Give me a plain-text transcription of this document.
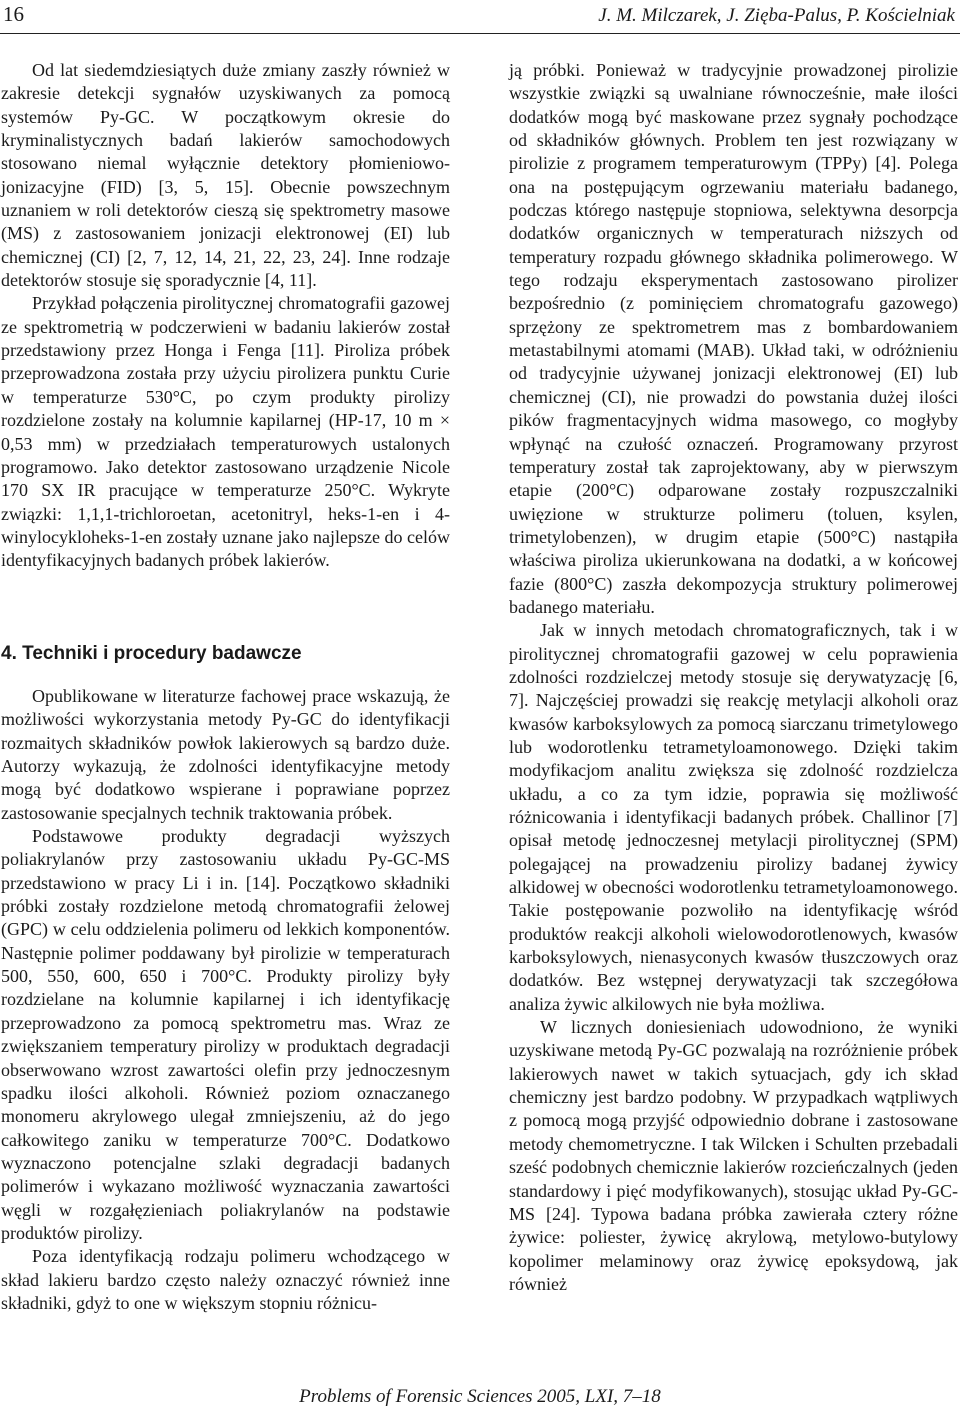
16	J. M. Milczarek, J. Zięba-Palus, P. Kościelniak

Od lat siedemdziesiątych duże zmiany zaszły również w zakresie detekcji sygnałów uzyskiwanych za pomocą systemów Py-GC. W początkowym okresie do kryminalistycznych badań lakierów samochodowych stosowano niemal wyłącznie detektory płomieniowo-jonizacyjne (FID) [3, 5, 15]. Obecnie powszechnym uznaniem w roli detektorów cieszą się spektrometry masowe (MS) z zastosowaniem jonizacji elektronowej (EI) lub chemicznej (CI) [2, 7, 12, 14, 21, 22, 23, 24]. Inne rodzaje detektorów stosuje się sporadycznie [4, 11].

Przykład połączenia pirolitycznej chromatografii gazowej ze spektrometrią w podczerwieni w badaniu lakierów został przedstawiony przez Honga i Fenga [11]. Piroliza próbek przeprowadzona została przy użyciu pirolizera punktu Curie w temperaturze 530°C, po czym produkty pirolizy rozdzielone zostały na kolumnie kapilarnej (HP-17, 10 m × 0,53 mm) w przedziałach temperaturowych ustalonych programowo. Jako detektor zastosowano urządzenie Nicole 170 SX IR pracujące w temperaturze 250°C. Wykryte związki: 1,1,1-trichloroetan, acetonitryl, heks-1-en i 4-winylocykloheks-1-en zostały uznane jako najlepsze do celów identyfikacyjnych badanych próbek lakierów.

4. Techniki i procedury badawcze

Opublikowane w literaturze fachowej prace wskazują, że możliwości wykorzystania metody Py-GC do identyfikacji rozmaitych składników powłok lakierowych są bardzo duże. Autorzy wykazują, że zdolności identyfikacyjne metody mogą być dodatkowo wspierane i poprawiane poprzez zastosowanie specjalnych technik traktowania próbek.

Podstawowe produkty degradacji wyższych poliakrylanów przy zastosowaniu układu Py-GC-MS przedstawiono w pracy Li i in. [14]. Początkowo składniki próbki zostały rozdzielone metodą chromatografii żelowej (GPC) w celu oddzielenia polimeru od lekkich komponentów. Następnie polimer poddawany był pirolizie w temperaturach 500, 550, 600, 650 i 700°C. Produkty pirolizy były rozdzielane na kolumnie kapilarnej i ich identyfikację przeprowadzono za pomocą spektrometru mas. Wraz ze zwiększaniem temperatury pirolizy w produktach degradacji obserwowano wzrost zawartości olefin przy jednoczesnym spadku ilości alkoholi. Również poziom oznaczanego monomeru akrylowego ulegał zmniejszeniu, aż do jego całkowitego zaniku w temperaturze 700°C. Dodatkowo wyznaczono potencjalne szlaki degradacji badanych polimerów i wykazano możliwość wyznaczania zawartości węgli w rozgałęzieniach poliakrylanów na podstawie produktów pirolizy.

Poza identyfikacją rodzaju polimeru wchodzącego w skład lakieru bardzo często należy oznaczyć również inne składniki, gdyż to one w większym stopniu różnicu-

ją próbki. Ponieważ w tradycyjnie prowadzonej pirolizie wszystkie związki są uwalniane równocześnie, małe ilości dodatków mogą być maskowane przez sygnały pochodzące od składników głównych. Problem ten jest rozwiązany w pirolizie z programem temperaturowym (TPPy) [4]. Polega ona na postępującym ogrzewaniu materiału badanego, podczas którego następuje stopniowa, selektywna desorpcja dodatków organicznych w temperaturach niższych od temperatury rozpadu głównego składnika polimerowego. W tego rodzaju eksperymentach zastosowano pirolizer bezpośrednio (z pominięciem chromatografu gazowego) sprzężony ze spektrometrem mas z bombardowaniem metastabilnymi atomami (MAB). Układ taki, w odróżnieniu od tradycyjnie używanej jonizacji elektronowej (EI) lub chemicznej (CI), nie prowadzi do powstania dużej ilości pików fragmentacyjnych widma masowego, co mogłyby wpłynąć na czułość oznaczeń. Programowany przyrost temperatury został tak zaprojektowany, aby w pierwszym etapie (200°C) odparowane zostały rozpuszczalniki uwięzione w strukturze polimeru (toluen, ksylen, trimetylobenzen), w drugim etapie (500°C) nastąpiła właściwa piroliza ukierunkowana na dodatki, a w końcowej fazie (800°C) zaszła dekompozycja struktury polimerowej badanego materiału.

Jak w innych metodach chromatograficznych, tak i w pirolitycznej chromatografii gazowej w celu poprawienia zdolności rozdzielczej metody stosuje się derywatyzację [6, 7]. Najczęściej prowadzi się reakcję metylacji alkoholi oraz kwasów karboksylowych za pomocą siarczanu trimetylowego lub wodorotlenku tetrametyloamonowego. Dzięki takim modyfikacjom analitu zwiększa się zdolność rozdzielcza układu, a co za tym idzie, poprawia się możliwość różnicowania i identyfikacji badanych próbek. Challinor [7] opisał metodę jednoczesnej metylacji pirolitycznej (SPM) polegającej na prowadzeniu pirolizy badanej żywicy alkidowej w obecności wodorotlenku tetrametyloamonowego. Takie postępowanie pozwoliło na identyfikację wśród produktów reakcji alkoholi wielowodorotlenowych, kwasów karboksylowych, nienasyconych kwasów tłuszczowych oraz dodatków. Bez wstępnej derywatyzacji tak szczegółowa analiza żywic alkilowych nie była możliwa.

W licznych doniesieniach udowodniono, że wyniki uzyskiwane metodą Py-GC pozwalają na rozróżnienie próbek lakierowych nawet w takich sytuacjach, gdy ich skład chemiczny jest bardzo podobny. W przypadkach wątpliwych z pomocą mogą przyjść odpowiednio dobrane i zastosowane metody chemometryczne. I tak Wilcken i Schulten przebadali sześć podobnych chemicznie lakierów rozcieńczalnych (jeden standardowy i pięć modyfikowanych), stosując układ Py-GC-MS [24]. Typowa badana próbka zawierała cztery różne żywice: poliester, żywicę akrylową, metylowo-butylowy kopolimer melaminowy oraz żywicę epoksydową, jak również

Problems of Forensic Sciences 2005, LXI, 7–18
